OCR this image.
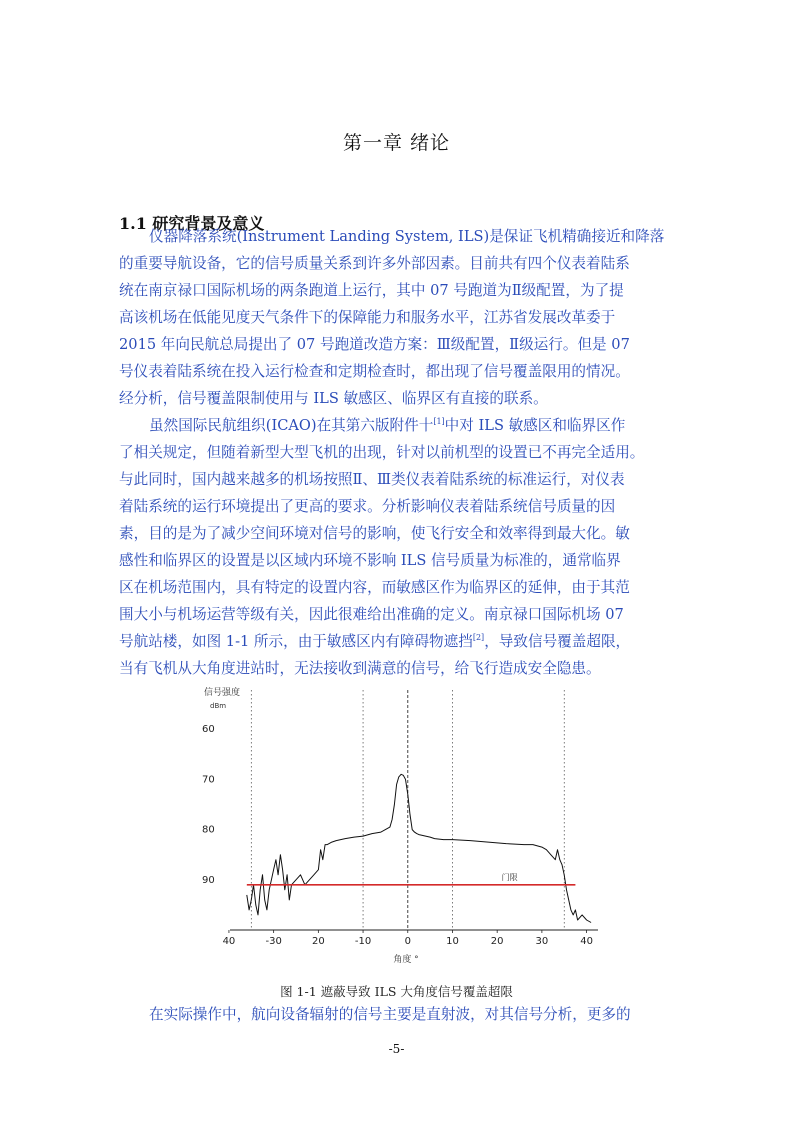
第一章 绪论
1.1 研究背景及意义
仪器降落系统(Instrument Landing System, ILS)是保证飞机精确接近和降落
的重要导航设备，它的信号质量关系到许多外部因素。目前共有四个仪表着陆系
统在南京禄口国际机场的两条跑道上运行，其中 07 号跑道为Ⅱ级配置，为了提
高该机场在低能见度天气条件下的保障能力和服务水平，江苏省发展改革委于
2015 年向民航总局提出了 07 号跑道改造方案：Ⅲ级配置，Ⅱ级运行。但是 07
号仪表着陆系统在投入运行检查和定期检查时，都出现了信号覆盖限用的情况。
经分析，信号覆盖限制使用与 ILS 敏感区、临界区有直接的联系。
虽然国际民航组织(ICAO)在其第六版附件十[1]中对 ILS 敏感区和临界区作
了相关规定，但随着新型大型飞机的出现，针对以前机型的设置已不再完全适用。
与此同时，国内越来越多的机场按照Ⅱ、Ⅲ类仪表着陆系统的标准运行，对仪表
着陆系统的运行环境提出了更高的要求。分析影响仪表着陆系统信号质量的因
素，目的是为了减少空间环境对信号的影响，使飞行安全和效率得到最大化。敏
感性和临界区的设置是以区域内环境不影响 ILS 信号质量为标准的，通常临界
区在机场范围内，具有特定的设置内容，而敏感区作为临界区的延伸，由于其范
围大小与机场运营等级有关，因此很难给出准确的定义。南京禄口国际机场 07
号航站楼，如图 1-1 所示，由于敏感区内有障碍物遮挡[2]，导致信号覆盖超限，
当有飞机从大角度进站时，无法接收到满意的信号，给飞行造成安全隐患。
信号强度
dBm
40	-30	20	-10	0	10	20	30	40
60
70
80
90	门限
角度 °
图 1-1 遮蔽导致 ILS 大角度信号覆盖超限
在实际操作中，航向设备辐射的信号主要是直射波，对其信号分析，更多的
-5-
